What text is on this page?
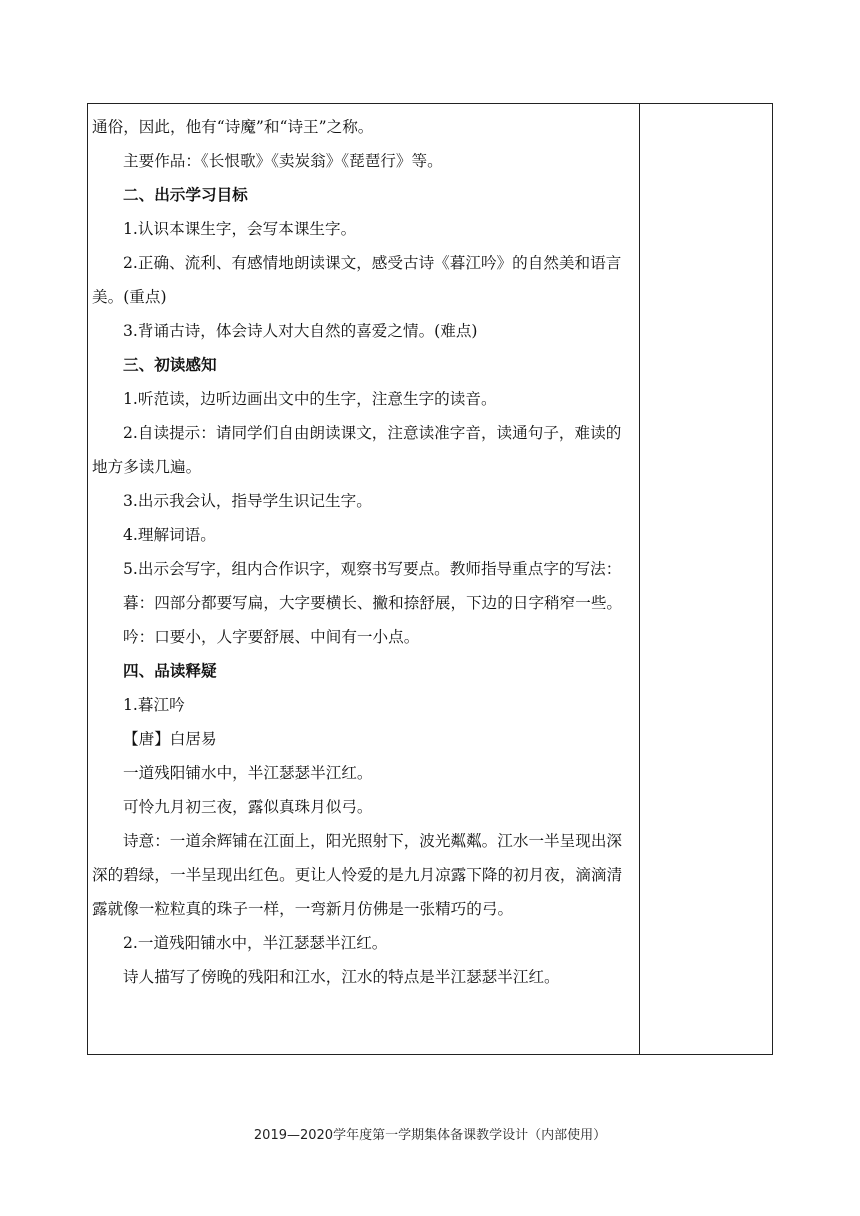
通俗，因此，他有“诗魔”和“诗王”之称。

主要作品：《长恨歌》《卖炭翁》《琵琶行》等。

二、出示学习目标

1.认识本课生字，会写本课生字。

2.正确、流利、有感情地朗读课文，感受古诗《暮江吟》的自然美和语言美。(重点)

3.背诵古诗，体会诗人对大自然的喜爱之情。(难点)

三、初读感知

1.听范读，边听边画出文中的生字，注意生字的读音。

2.自读提示：请同学们自由朗读课文，注意读准字音，读通句子，难读的地方多读几遍。

3.出示我会认，指导学生识记生字。

4.理解词语。

5.出示会写字，组内合作识字，观察书写要点。教师指导重点字的写法：

暮：四部分都要写扁，大字要横长、撇和捺舒展，下边的日字稍窄一些。

吟：口要小，人字要舒展、中间有一小点。

四、品读释疑

1.暮江吟

【唐】白居易

一道残阳铺水中，半江瑟瑟半江红。

可怜九月初三夜，露似真珠月似弓。

诗意：一道余辉铺在江面上，阳光照射下，波光粼粼。江水一半呈现出深深的碧绿，一半呈现出红色。更让人怜爱的是九月凉露下降的初月夜，滴滴清露就像一粒粒真的珠子一样，一弯新月仿佛是一张精巧的弓。

2.一道残阳铺水中，半江瑟瑟半江红。

诗人描写了傍晚的残阳和江水，江水的特点是半江瑟瑟半江红。

2019—2020学年度第一学期集体备课教学设计（内部使用）
